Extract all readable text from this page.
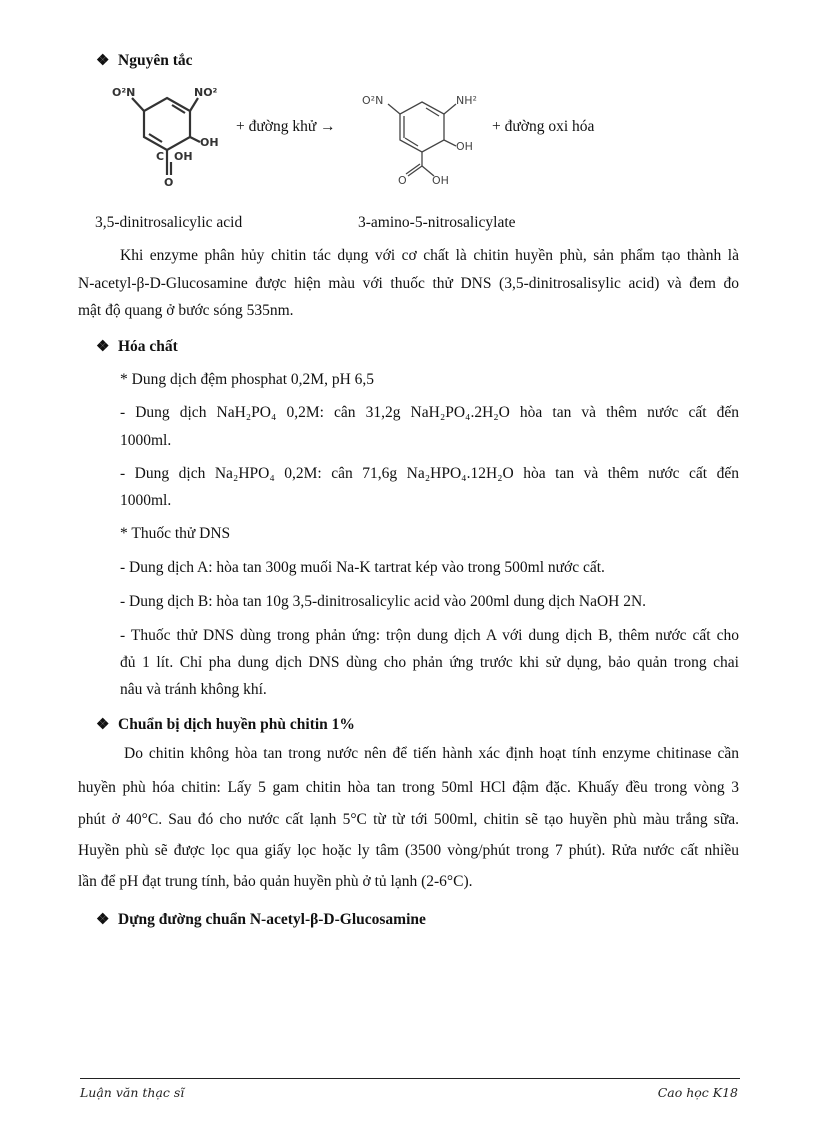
❖ Nguyên tắc
O²N	NO²
OH
C OH
O
+ đường khử →
O²N	NH²
OH
O OH
+ đường oxi hóa
3,5-dinitrosalicylic acid	3-amino-5-nitrosalicylate
Khi enzyme phân hủy chitin tác dụng với cơ chất là chitin huyền phù, sản phẩm tạo thành là
N-acetyl-β-D-Glucosamine được hiện màu với thuốc thử DNS (3,5-dinitrosalisylic acid) và đem đo
mật độ quang ở bước sóng 535nm.
❖ Hóa chất
* Dung dịch đệm phosphat 0,2M, pH 6,5
- Dung dịch NaH₂PO₄ 0,2M: cân 31,2g NaH₂PO₄.2H₂O hòa tan và thêm nước cất đến
1000ml.
- Dung dịch Na₂HPO₄ 0,2M: cân 71,6g Na₂HPO₄.12H₂O hòa tan và thêm nước cất đến
1000ml.
* Thuốc thử DNS
- Dung dịch A: hòa tan 300g muối Na-K tartrat kép vào trong 500ml nước cất.
- Dung dịch B: hòa tan 10g 3,5-dinitrosalicylic acid vào 200ml dung dịch NaOH 2N.
- Thuốc thử DNS dùng trong phản ứng: trộn dung dịch A với dung dịch B, thêm nước cất cho
đủ 1 lít. Chỉ pha dung dịch DNS dùng cho phản ứng trước khi sử dụng, bảo quản trong chai
nâu và tránh không khí.
❖ Chuẩn bị dịch huyền phù chitin 1%
Do chitin không hòa tan trong nước nên để tiến hành xác định hoạt tính enzyme chitinase cần
huyền phù hóa chitin: Lấy 5 gam chitin hòa tan trong 50ml HCl đậm đặc. Khuấy đều trong vòng 3
phút ở 40°C. Sau đó cho nước cất lạnh 5°C từ từ tới 500ml, chitin sẽ tạo huyền phù màu trắng sữa.
Huyền phù sẽ được lọc qua giấy lọc hoặc ly tâm (3500 vòng/phút trong 7 phút). Rửa nước cất nhiều
lần để pH đạt trung tính, bảo quản huyền phù ở tủ lạnh (2-6°C).
❖ Dựng đường chuẩn N-acetyl-β-D-Glucosamine
Luận văn thạc sĩ	Cao học K18
